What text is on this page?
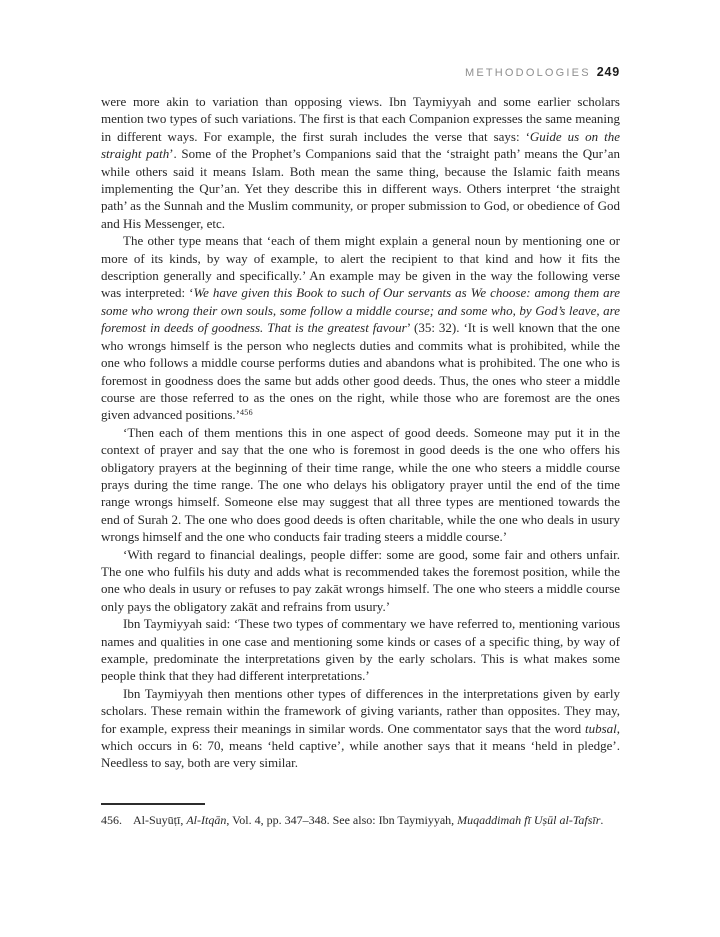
METHODOLOGIES 249

were more akin to variation than opposing views. Ibn Taymiyyah and some earlier scholars mention two types of such variations. The first is that each Companion expresses the same meaning in different ways. For example, the first surah includes the verse that says: ‘Guide us on the straight path’. Some of the Prophet’s Companions said that the ‘straight path’ means the Qur’an while others said it means Islam. Both mean the same thing, because the Islamic faith means implementing the Qur’an. Yet they describe this in different ways. Others interpret ‘the straight path’ as the Sunnah and the Muslim community, or proper submission to God, or obedience of God and His Messenger, etc.

The other type means that ‘each of them might explain a general noun by mentioning one or more of its kinds, by way of example, to alert the recipient to that kind and how it fits the description generally and specifically.’ An example may be given in the way the following verse was interpreted: ‘We have given this Book to such of Our servants as We choose: among them are some who wrong their own souls, some follow a middle course; and some who, by God’s leave, are foremost in deeds of goodness. That is the greatest favour’ (35: 32). ‘It is well known that the one who wrongs himself is the person who neglects duties and commits what is prohibited, while the one who follows a middle course performs duties and abandons what is prohibited. The one who is foremost in goodness does the same but adds other good deeds. Thus, the ones who steer a middle course are those referred to as the ones on the right, while those who are foremost are the ones given advanced positions.’$^{456}$

‘Then each of them mentions this in one aspect of good deeds. Someone may put it in the context of prayer and say that the one who is foremost in good deeds is the one who offers his obligatory prayers at the beginning of their time range, while the one who steers a middle course prays during the time range. The one who delays his obligatory prayer until the end of the time range wrongs himself. Someone else may suggest that all three types are mentioned towards the end of Surah 2. The one who does good deeds is often charitable, while the one who deals in usury wrongs himself and the one who conducts fair trading steers a middle course.’

‘With regard to financial dealings, people differ: some are good, some fair and others unfair. The one who fulfils his duty and adds what is recommended takes the foremost position, while the one who deals in usury or refuses to pay zakāt wrongs himself. The one who steers a middle course only pays the obligatory zakāt and refrains from usury.’

Ibn Taymiyyah said: ‘These two types of commentary we have referred to, mentioning various names and qualities in one case and mentioning some kinds or cases of a specific thing, by way of example, predominate the interpretations given by the early scholars. This is what makes some people think that they had different interpretations.’

Ibn Taymiyyah then mentions other types of differences in the interpretations given by early scholars. These remain within the framework of giving variants, rather than opposites. They may, for example, express their meanings in similar words. One commentator says that the word tubsal, which occurs in 6: 70, means ‘held captive’, while another says that it means ‘held in pledge’. Needless to say, both are very similar.

456. Al-Suyūṭī, Al-Itqān, Vol. 4, pp. 347–348. See also: Ibn Taymiyyah, Muqaddimah fī Uṣūl al-Tafsīr.
